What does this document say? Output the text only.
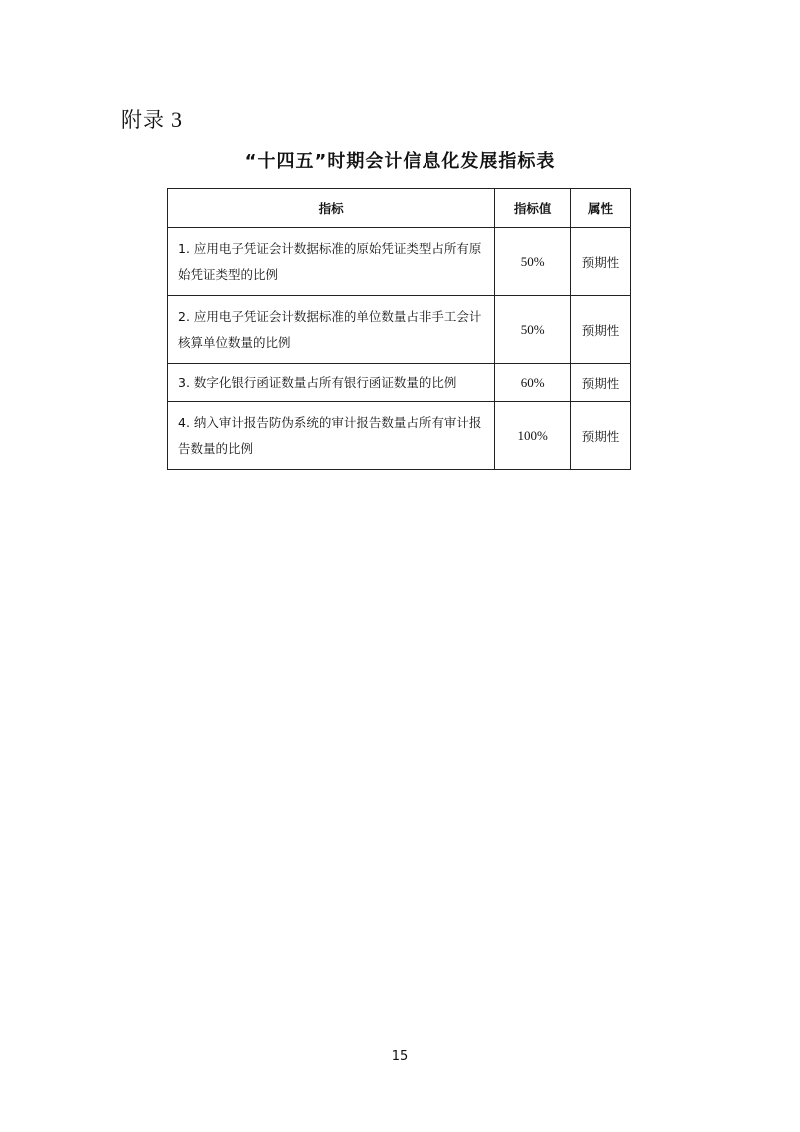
附录 3
“十四五”时期会计信息化发展指标表
指标	指标值	属性
1. 应用电子凭证会计数据标准的原始凭证类型占所有原始凭证类型的比例	50%	预期性
2. 应用电子凭证会计数据标准的单位数量占非手工会计核算单位数量的比例	50%	预期性
3. 数字化银行函证数量占所有银行函证数量的比例	60%	预期性
4. 纳入审计报告防伪系统的审计报告数量占所有审计报告数量的比例	100%	预期性
15
